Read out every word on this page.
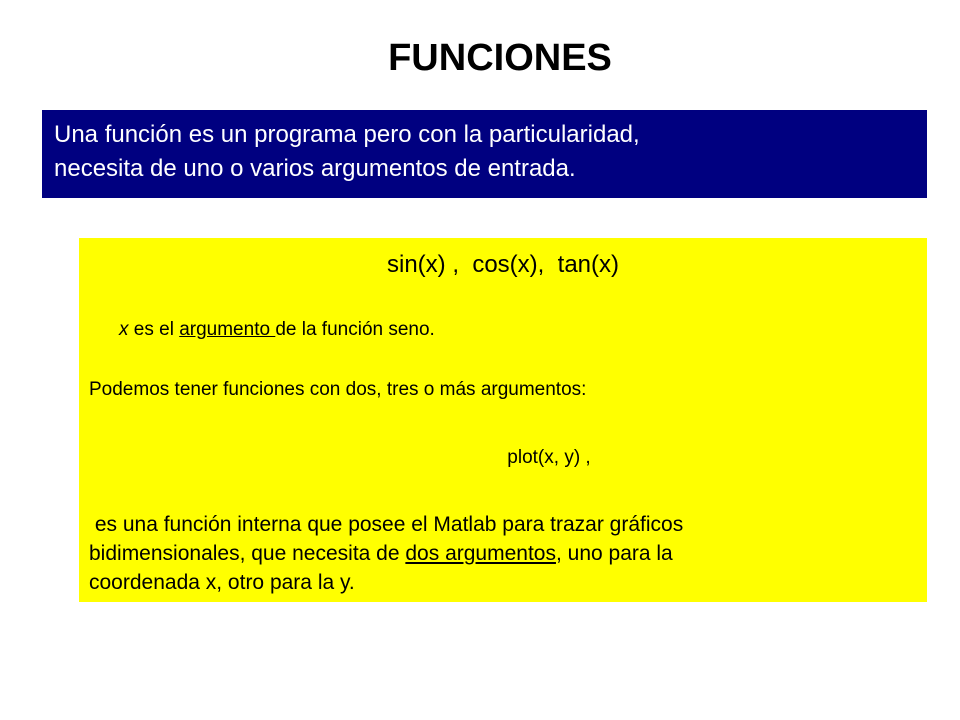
FUNCIONES
Una función es un programa pero con la particularidad,
necesita de uno o varios argumentos de entrada.
sin(x) ,  cos(x),  tan(x)
x es el argumento de la función seno.
Podemos tener funciones con dos, tres o más argumentos:
plot(x, y) ,
es una función interna que posee el Matlab para trazar gráficos
bidimensionales, que necesita de dos argumentos, uno para la
coordenada x, otro para la y.
